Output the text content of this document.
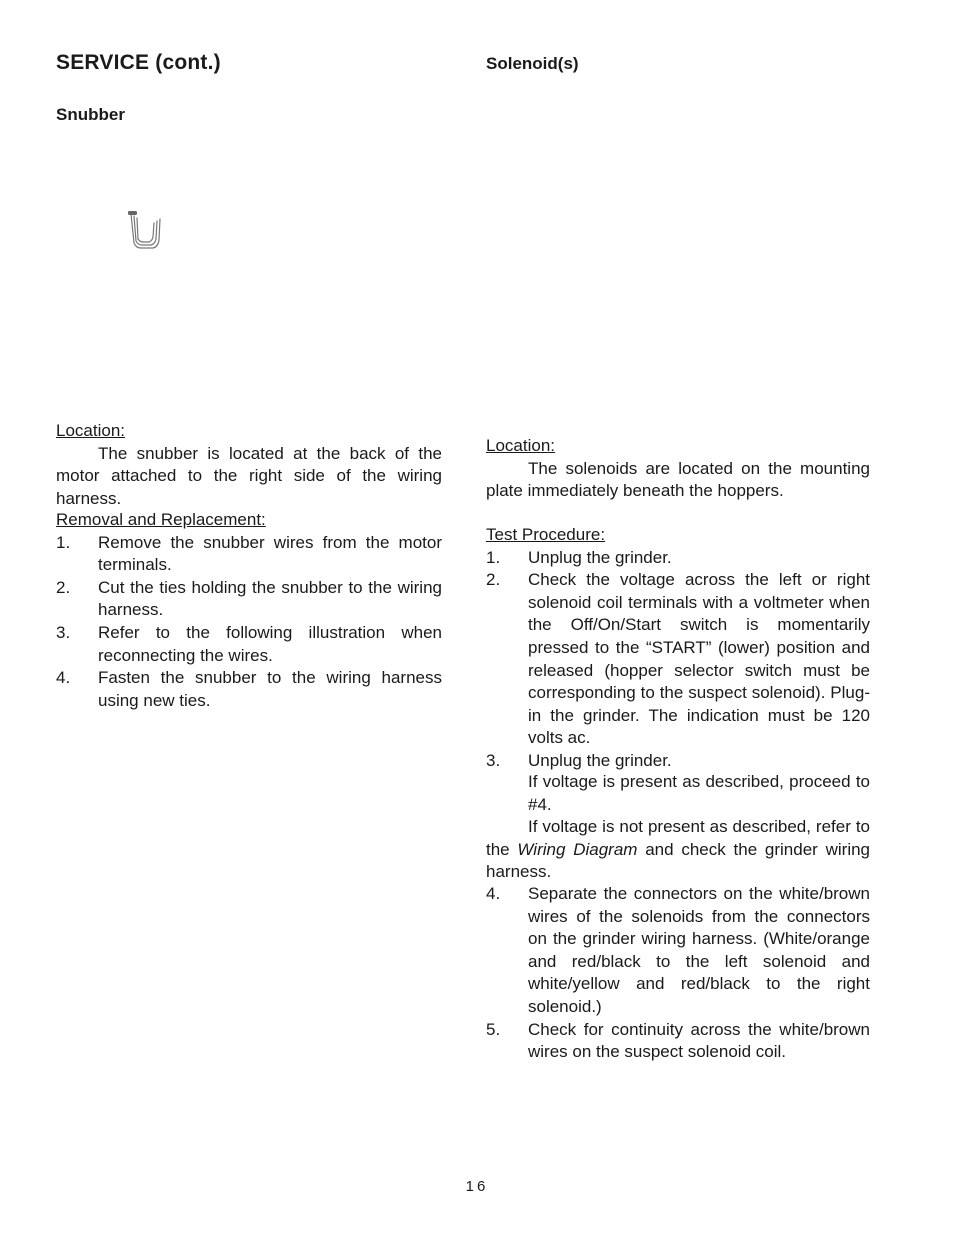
SERVICE (cont.)
Snubber
Location:

The snubber is located at the back of the motor attached to the right side of the wiring harness.

Removal and Replacement:
1.	Remove the snubber wires from the motor terminals.
2.	Cut the ties holding the snubber to the wiring harness.
3.	Refer to the following illustration when reconnecting the wires.
4.	Fasten the snubber to the wiring harness using new ties.
Solenoid(s)
Location:

The solenoids are located on the mounting plate immediately beneath the hoppers.

Test Procedure:
1.	Unplug the grinder.
2.	Check the voltage across the left or right solenoid coil terminals with a voltmeter when the Off/On/Start switch is momentarily pressed to the “START” (lower) position and released (hopper selector switch must be corresponding to the suspect solenoid). Plug-in the grinder. The indication must be 120 volts ac.
3.	Unplug the grinder.
If voltage is present as described, proceed to #4.

If voltage is not present as described, refer to the Wiring Diagram and check the grinder wiring harness.

4.	Separate the connectors on the white/brown wires of the solenoids from the connectors on the grinder wiring harness. (White/orange and red/black to the left solenoid and white/yellow and red/black to the right solenoid.)
5.	Check for continuity across the white/brown wires on the suspect solenoid coil.
16
